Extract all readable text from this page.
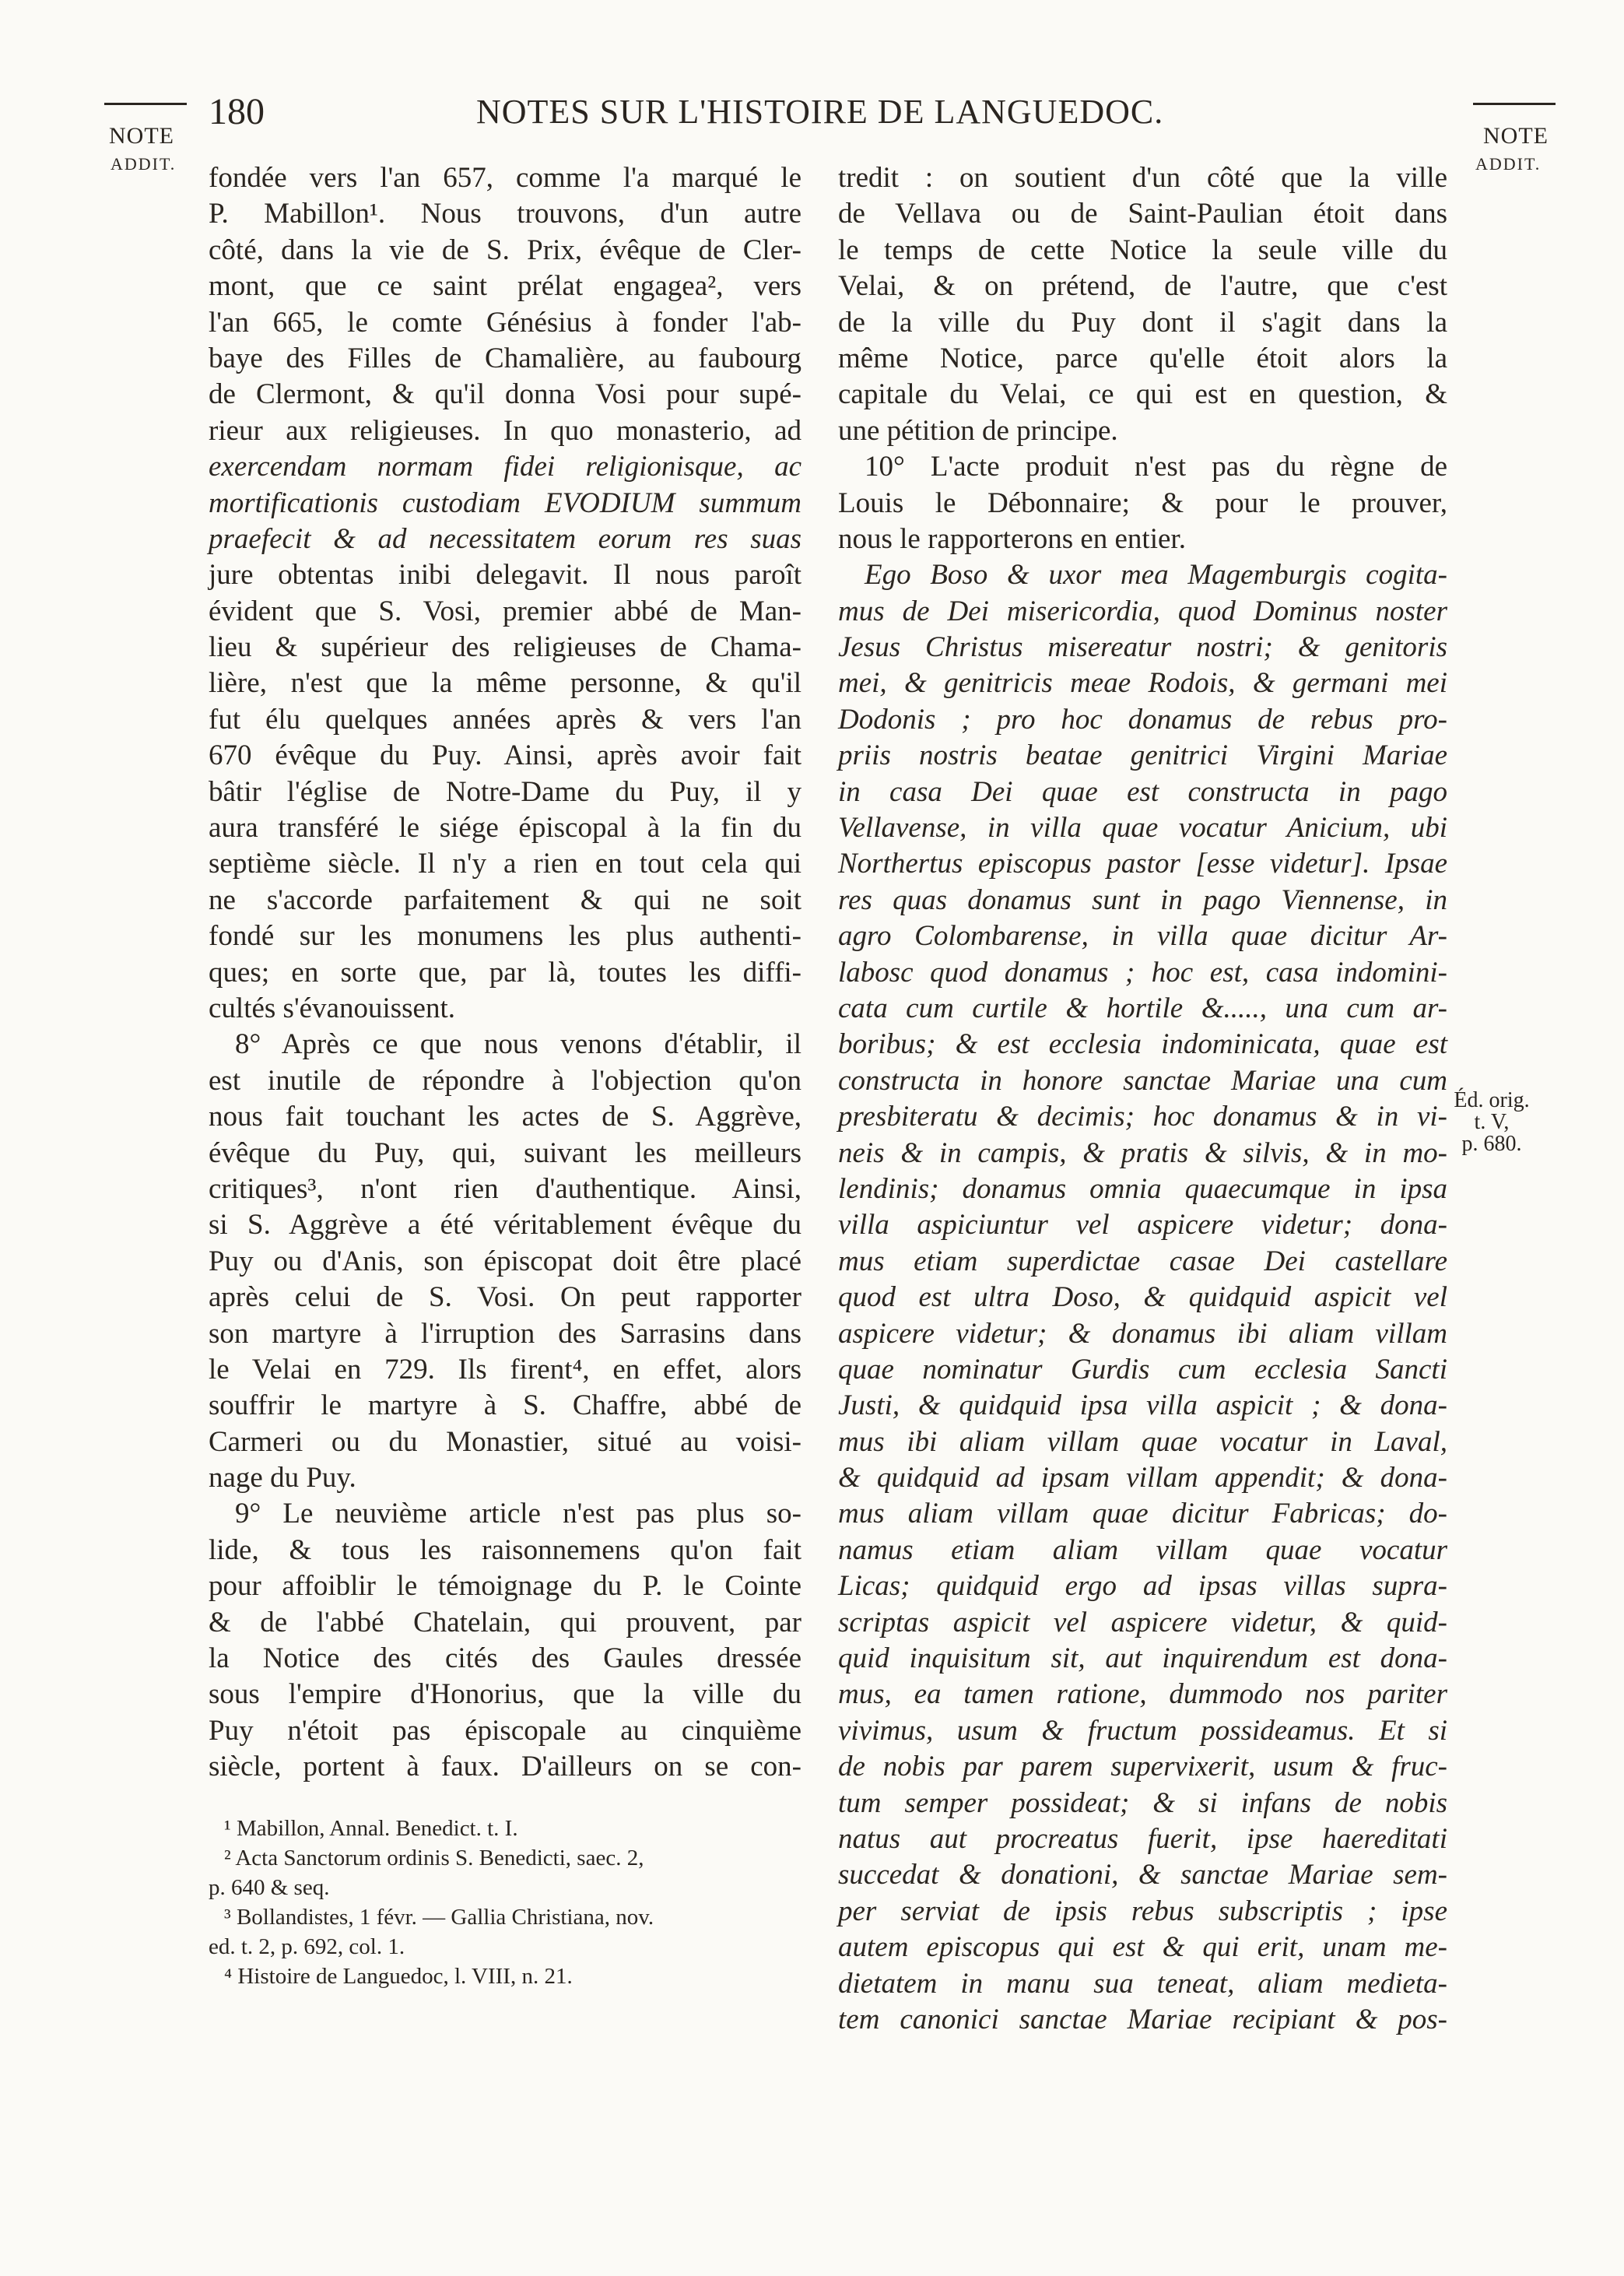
NOTE
ADDIT.
180	NOTES SUR L'HISTOIRE DE LANGUEDOC.
NOTE
ADDIT.
fondée vers l'an 657, comme l'a marqué le
P. Mabillon¹. Nous trouvons, d'un autre
côté, dans la vie de S. Prix, évêque de Cler-
mont, que ce saint prélat engagea², vers
l'an 665, le comte Génésius à fonder l'ab-
baye des Filles de Chamalière, au faubourg
de Clermont, & qu'il donna Vosi pour supé-
rieur aux religieuses. In quo monasterio, ad
exercendam normam fidei religionisque, ac
mortificationis custodiam EVODIUM summum
praefecit & ad necessitatem eorum res suas
jure obtentas inibi delegavit. Il nous paroît
évident que S. Vosi, premier abbé de Man-
lieu & supérieur des religieuses de Chama-
lière, n'est que la même personne, & qu'il
fut élu quelques années après & vers l'an
670 évêque du Puy. Ainsi, après avoir fait
bâtir l'église de Notre-Dame du Puy, il y
aura transféré le siége épiscopal à la fin du
septième siècle. Il n'y a rien en tout cela qui
ne s'accorde parfaitement & qui ne soit
fondé sur les monumens les plus authenti-
ques; en sorte que, par là, toutes les diffi-
cultés s'évanouissent.
8° Après ce que nous venons d'établir, il
est inutile de répondre à l'objection qu'on
nous fait touchant les actes de S. Aggrève,
évêque du Puy, qui, suivant les meilleurs
critiques³, n'ont rien d'authentique. Ainsi,
si S. Aggrève a été véritablement évêque du
Puy ou d'Anis, son épiscopat doit être placé
après celui de S. Vosi. On peut rapporter
son martyre à l'irruption des Sarrasins dans
le Velai en 729. Ils firent⁴, en effet, alors
souffrir le martyre à S. Chaffre, abbé de
Carmeri ou du Monastier, situé au voisi-
nage du Puy.
9° Le neuvième article n'est pas plus so-
lide, & tous les raisonnemens qu'on fait
pour affoiblir le témoignage du P. le Cointe
& de l'abbé Chatelain, qui prouvent, par
la Notice des cités des Gaules dressée
sous l'empire d'Honorius, que la ville du
Puy n'étoit pas épiscopale au cinquième
siècle, portent à faux. D'ailleurs on se con-
¹ Mabillon, Annal. Benedict. t. I.
² Acta Sanctorum ordinis S. Benedicti, saec. 2,
p. 640 & seq.
³ Bollandistes, 1 févr. — Gallia Christiana, nov.
ed. t. 2, p. 692, col. 1.
⁴ Histoire de Languedoc, l. VIII, n. 21.
tredit : on soutient d'un côté que la ville
de Vellava ou de Saint-Paulian étoit dans
le temps de cette Notice la seule ville du
Velai, & on prétend, de l'autre, que c'est
de la ville du Puy dont il s'agit dans la
même Notice, parce qu'elle étoit alors la
capitale du Velai, ce qui est en question, &
une pétition de principe.
10° L'acte produit n'est pas du règne de
Louis le Débonnaire; & pour le prouver,
nous le rapporterons en entier.
Ego Boso & uxor mea Magemburgis cogita-
mus de Dei misericordia, quod Dominus noster
Jesus Christus misereatur nostri; & genitoris
mei, & genitricis meae Rodois, & germani mei
Dodonis ; pro hoc donamus de rebus pro-
priis nostris beatae genitrici Virgini Mariae
in casa Dei quae est constructa in pago
Vellavense, in villa quae vocatur Anicium, ubi
Northertus episcopus pastor [esse videtur]. Ipsae
res quas donamus sunt in pago Viennense, in
agro Colombarense, in villa quae dicitur Ar-
labosc quod donamus ; hoc est, casa indomini-
cata cum curtile & hortile &....., una cum ar-
boribus; & est ecclesia indominicata, quae est
constructa in honore sanctae Mariae una cum
presbiteratu & decimis; hoc donamus & in vi-
neis & in campis, & pratis & silvis, & in mo-
lendinis; donamus omnia quaecumque in ipsa
villa aspiciuntur vel aspicere videtur; dona-
mus etiam superdictae casae Dei castellare
quod est ultra Doso, & quidquid aspicit vel
aspicere videtur; & donamus ibi aliam villam
quae nominatur Gurdis cum ecclesia Sancti
Justi, & quidquid ipsa villa aspicit ; & dona-
mus ibi aliam villam quae vocatur in Laval,
& quidquid ad ipsam villam appendit; & dona-
mus aliam villam quae dicitur Fabricas; do-
namus etiam aliam villam quae vocatur
Licas; quidquid ergo ad ipsas villas supra-
scriptas aspicit vel aspicere videtur, & quid-
quid inquisitum sit, aut inquirendum est dona-
mus, ea tamen ratione, dummodo nos pariter
vivimus, usum & fructum possideamus. Et si
de nobis par parem supervixerit, usum & fruc-
tum semper possideat; & si infans de nobis
natus aut procreatus fuerit, ipse haereditati
succedat & donationi, & sanctae Mariae sem-
per serviat de ipsis rebus subscriptis ; ipse
autem episcopus qui est & qui erit, unam me-
dietatem in manu sua teneat, aliam medieta-
tem canonici sanctae Mariae recipiant & pos-
Éd. orig.
t. V,
p. 680.
